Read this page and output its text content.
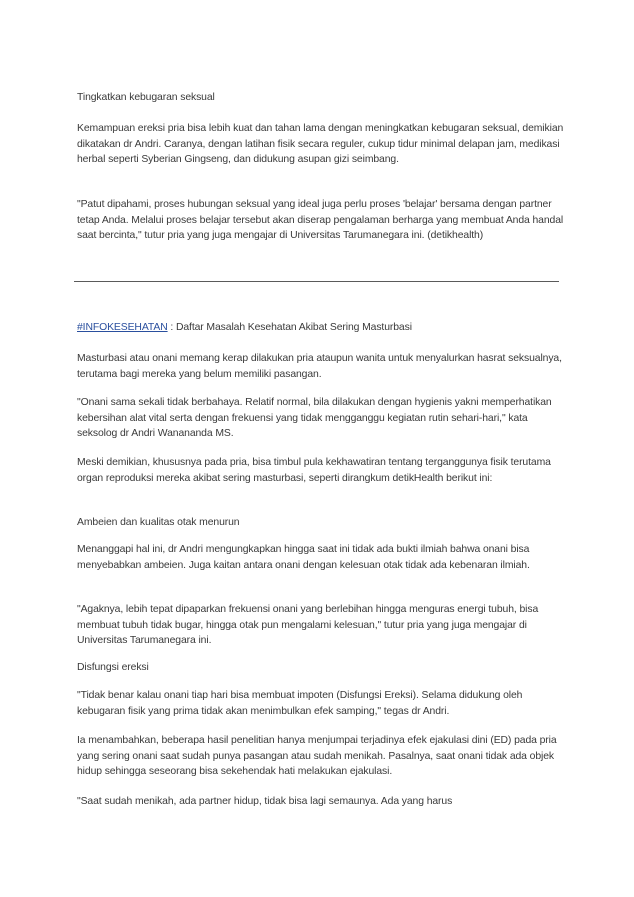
Tingkatkan kebugaran seksual

Kemampuan ereksi pria bisa lebih kuat dan tahan lama dengan meningkatkan kebugaran seksual, demikian dikatakan dr Andri. Caranya, dengan latihan fisik secara reguler, cukup tidur minimal delapan jam, medikasi herbal seperti Syberian Gingseng, dan didukung asupan gizi seimbang.

"Patut dipahami, proses hubungan seksual yang ideal juga perlu proses 'belajar' bersama dengan partner tetap Anda. Melalui proses belajar tersebut akan diserap pengalaman berharga yang membuat Anda handal saat bercinta," tutur pria yang juga mengajar di Universitas Tarumanegara ini. (detikhealth)

#INFOKESEHATAN : Daftar Masalah Kesehatan Akibat Sering Masturbasi

Masturbasi atau onani memang kerap dilakukan pria ataupun wanita untuk menyalurkan hasrat seksualnya, terutama bagi mereka yang belum memiliki pasangan.

"Onani sama sekali tidak berbahaya. Relatif normal, bila dilakukan dengan hygienis yakni memperhatikan kebersihan alat vital serta dengan frekuensi yang tidak mengganggu kegiatan rutin sehari-hari," kata seksolog dr Andri Wanananda MS.

Meski demikian, khususnya pada pria, bisa timbul pula kekhawatiran tentang terganggunya fisik terutama organ reproduksi mereka akibat sering masturbasi, seperti dirangkum detikHealth berikut ini:

Ambeien dan kualitas otak menurun

Menanggapi hal ini, dr Andri mengungkapkan hingga saat ini tidak ada bukti ilmiah bahwa onani bisa menyebabkan ambeien. Juga kaitan antara onani dengan kelesuan otak tidak ada kebenaran ilmiah.

"Agaknya, lebih tepat dipaparkan frekuensi onani yang berlebihan hingga menguras energi tubuh, bisa membuat tubuh tidak bugar, hingga otak pun mengalami kelesuan," tutur pria yang juga mengajar di Universitas Tarumanegara ini.

Disfungsi ereksi

"Tidak benar kalau onani tiap hari bisa membuat impoten (Disfungsi Ereksi). Selama didukung oleh kebugaran fisik yang prima tidak akan menimbulkan efek samping," tegas dr Andri.

Ia menambahkan, beberapa hasil penelitian hanya menjumpai terjadinya efek ejakulasi dini (ED) pada pria yang sering onani saat sudah punya pasangan atau sudah menikah. Pasalnya, saat onani tidak ada objek hidup sehingga seseorang bisa sekehendak hati melakukan ejakulasi.

"Saat sudah menikah, ada partner hidup, tidak bisa lagi semaunya. Ada yang harus
